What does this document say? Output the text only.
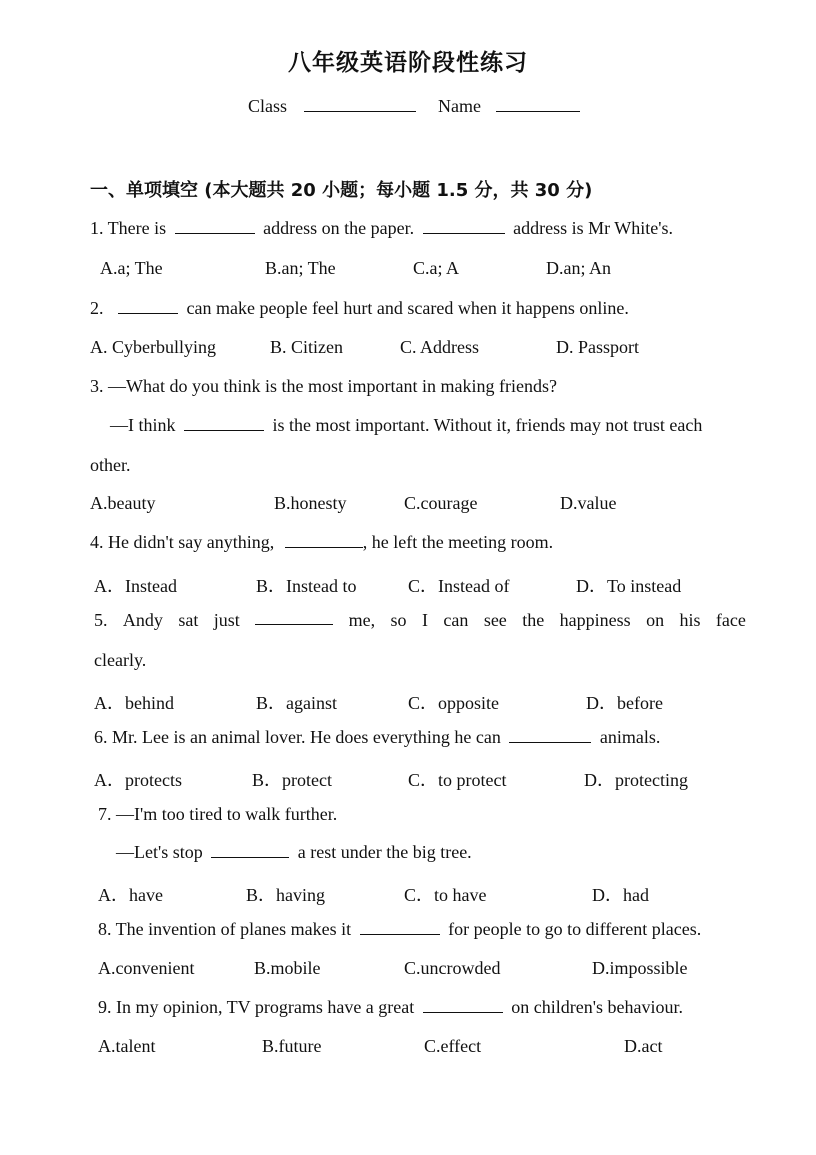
八年级英语阶段性练习
Class	Name
一、单项填空 (本大题共 20 小题；每小题 1.5 分，共 30 分)
1. There is	address on the paper.	address is Mr White's.
A.a; The	B.an; The	C.a; A	D.an; An
2.	can make people feel hurt and scared when it happens online.
A. Cyberbullying	B. Citizen	C. Address	D. Passport
3. —What do you think is the most important in making friends?
—I think	is the most important. Without it, friends may not trust each
other.
A.beauty	B.honesty	C.courage	D.value
4. He didn't say anything,	, he left the meeting room.
A．Instead	B．Instead to	C．Instead of	D．To instead
5. Andy sat just	me, so I can see the happiness on his face
clearly.
A．behind	B．against	C．opposite	D．before
6. Mr. Lee is an animal lover. He does everything he can	animals.
A．protects	B．protect	C．to protect	D．protecting
7. —I'm too tired to walk further.
—Let's stop	a rest under the big tree.
A．have	B．having	C．to have	D．had
8. The invention of planes makes it	for people to go to different places.
A.convenient	B.mobile	C.uncrowded	D.impossible
9. In my opinion, TV programs have a great	on children's behaviour.
A.talent	B.future	C.effect	D.act
